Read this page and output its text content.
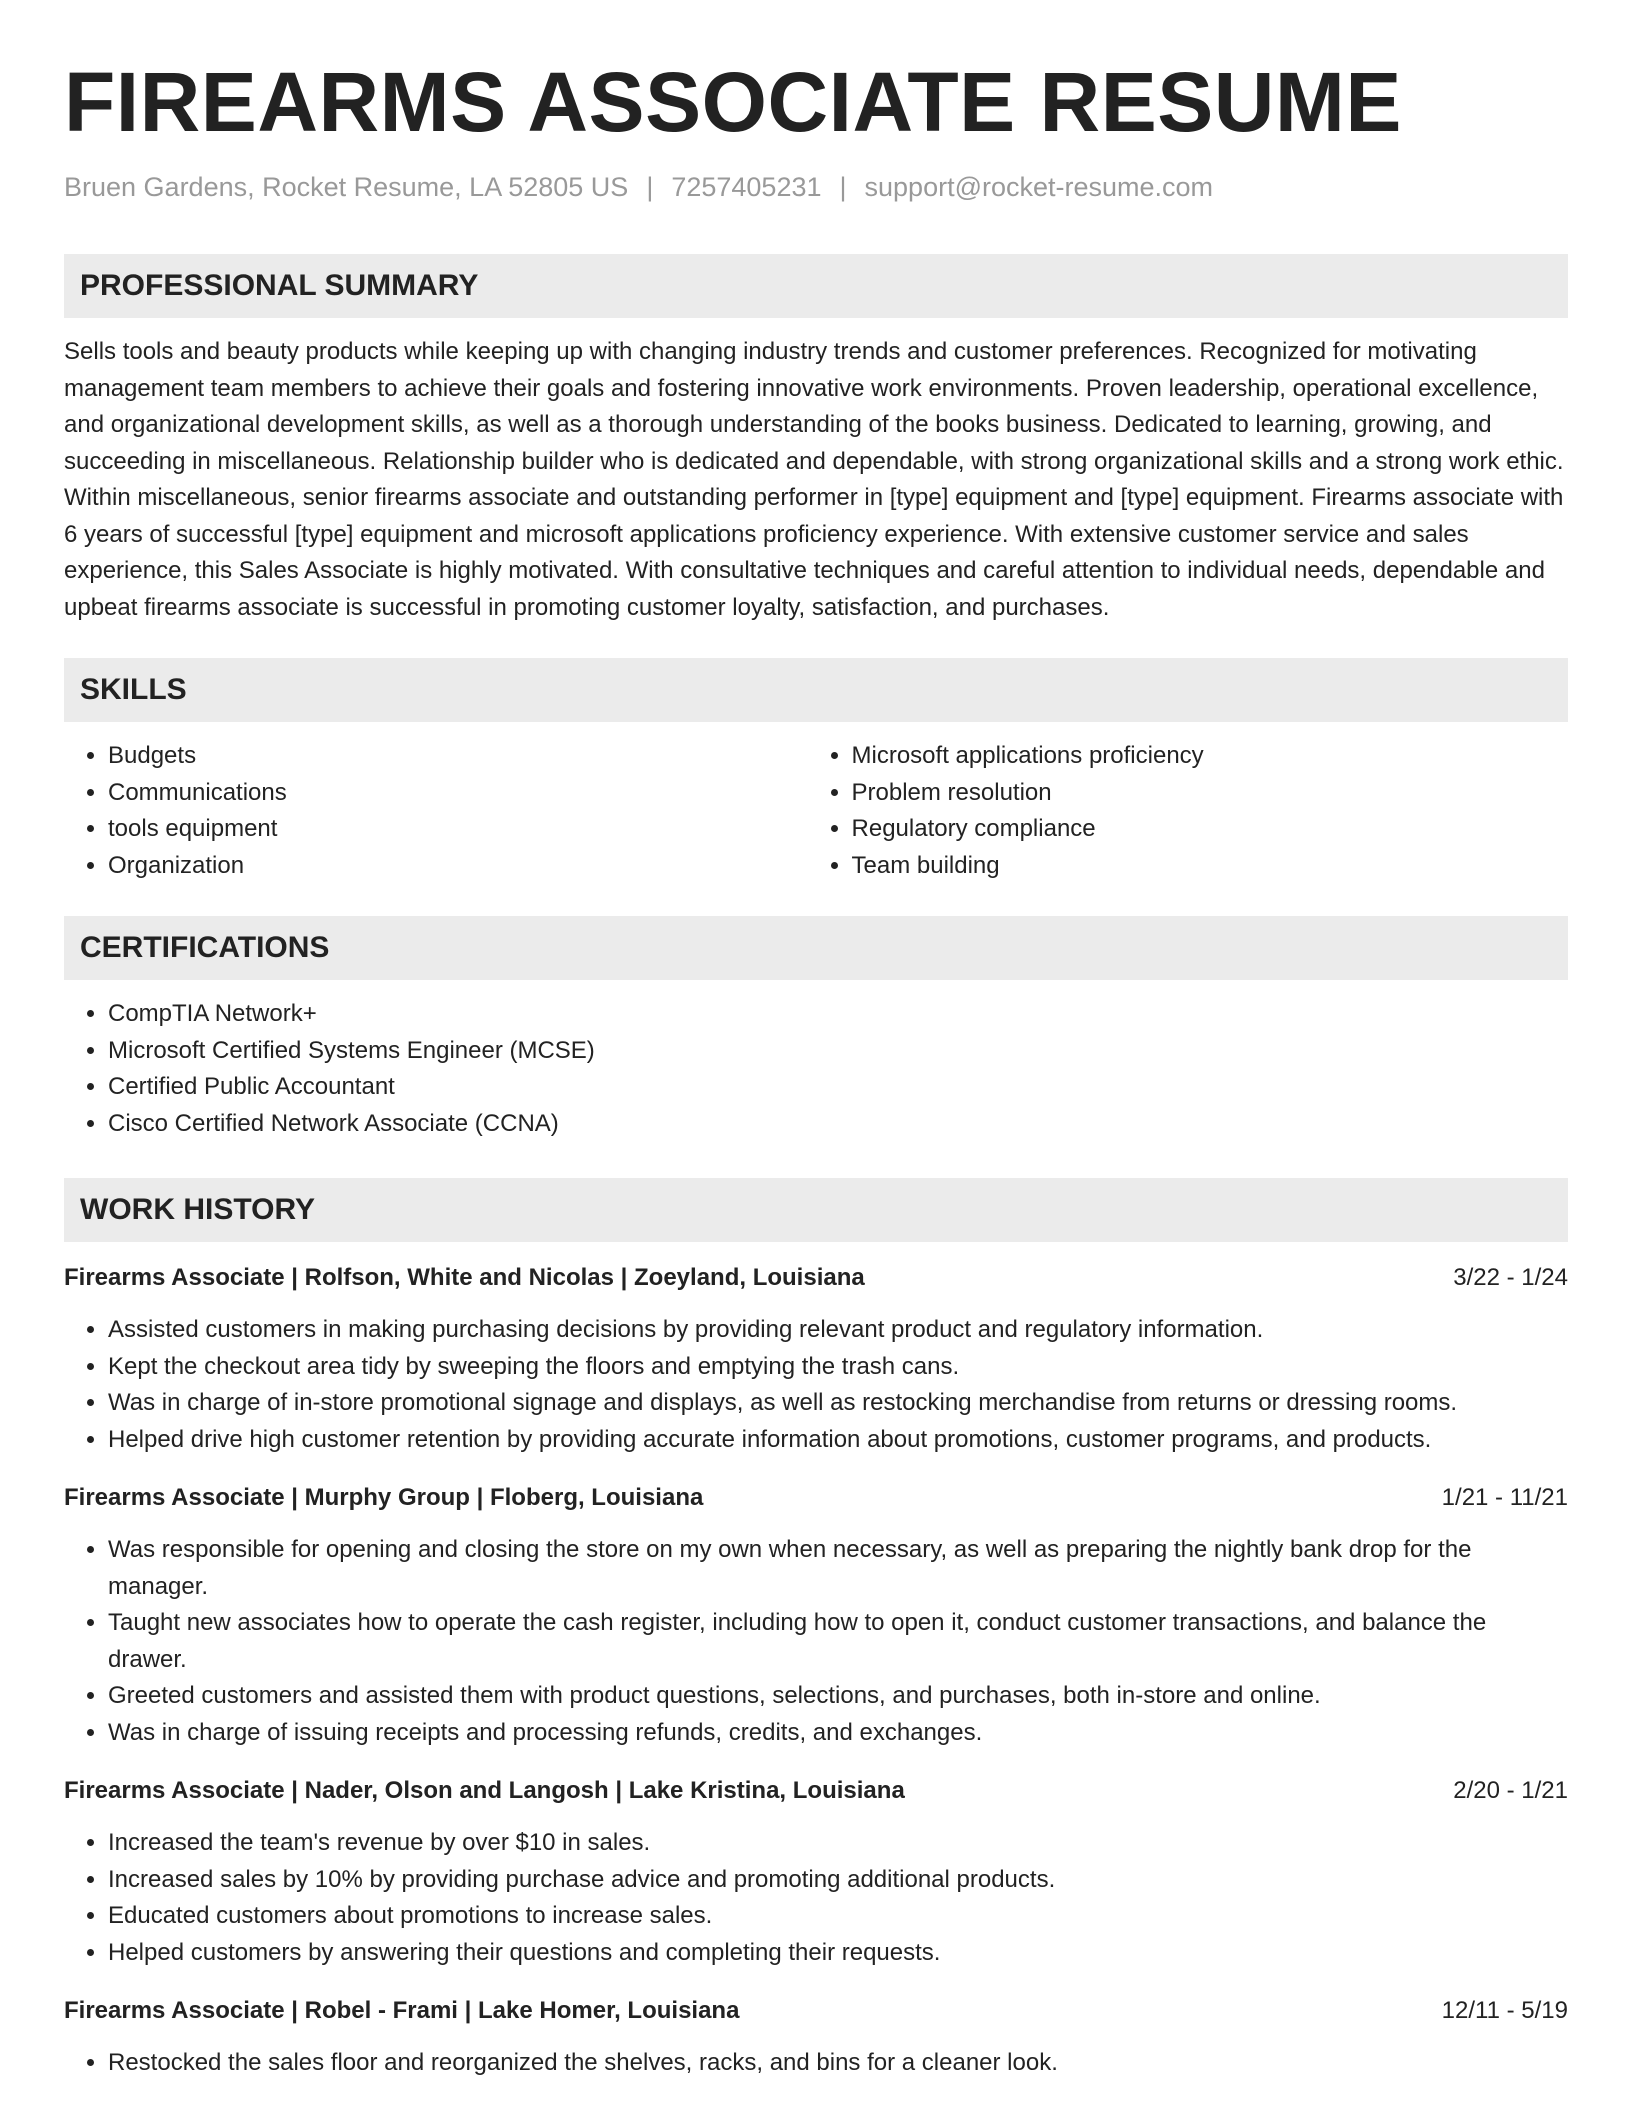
FIREARMS ASSOCIATE RESUME
Bruen Gardens, Rocket Resume, LA 52805 US | 7257405231 | support@rocket-resume.com
PROFESSIONAL SUMMARY

Sells tools and beauty products while keeping up with changing industry trends and customer preferences. Recognized for motivating management team members to achieve their goals and fostering innovative work environments. Proven leadership, operational excellence, and organizational development skills, as well as a thorough understanding of the books business. Dedicated to learning, growing, and succeeding in miscellaneous. Relationship builder who is dedicated and dependable, with strong organizational skills and a strong work ethic. Within miscellaneous, senior firearms associate and outstanding performer in [type] equipment and [type] equipment. Firearms associate with 6 years of successful [type] equipment and microsoft applications proficiency experience. With extensive customer service and sales experience, this Sales Associate is highly motivated. With consultative techniques and careful attention to individual needs, dependable and upbeat firearms associate is successful in promoting customer loyalty, satisfaction, and purchases.

SKILLS
• Budgets
• Communications
• tools equipment
• Organization
• Microsoft applications proficiency
• Problem resolution
• Regulatory compliance
• Team building
CERTIFICATIONS
• CompTIA Network+
• Microsoft Certified Systems Engineer (MCSE)
• Certified Public Accountant
• Cisco Certified Network Associate (CCNA)
WORK HISTORY
Firearms Associate | Rolfson, White and Nicolas | Zoeyland, Louisiana	3/22 - 1/24
• Assisted customers in making purchasing decisions by providing relevant product and regulatory information.
• Kept the checkout area tidy by sweeping the floors and emptying the trash cans.
• Was in charge of in-store promotional signage and displays, as well as restocking merchandise from returns or dressing rooms.
• Helped drive high customer retention by providing accurate information about promotions, customer programs, and products.
Firearms Associate | Murphy Group | Floberg, Louisiana	1/21 - 11/21
• Was responsible for opening and closing the store on my own when necessary, as well as preparing the nightly bank drop for the manager.
• Taught new associates how to operate the cash register, including how to open it, conduct customer transactions, and balance the drawer.
• Greeted customers and assisted them with product questions, selections, and purchases, both in-store and online.
• Was in charge of issuing receipts and processing refunds, credits, and exchanges.
Firearms Associate | Nader, Olson and Langosh | Lake Kristina, Louisiana	2/20 - 1/21
• Increased the team's revenue by over $10 in sales.
• Increased sales by 10% by providing purchase advice and promoting additional products.
• Educated customers about promotions to increase sales.
• Helped customers by answering their questions and completing their requests.
Firearms Associate | Robel - Frami | Lake Homer, Louisiana	12/11 - 5/19
• Restocked the sales floor and reorganized the shelves, racks, and bins for a cleaner look.
